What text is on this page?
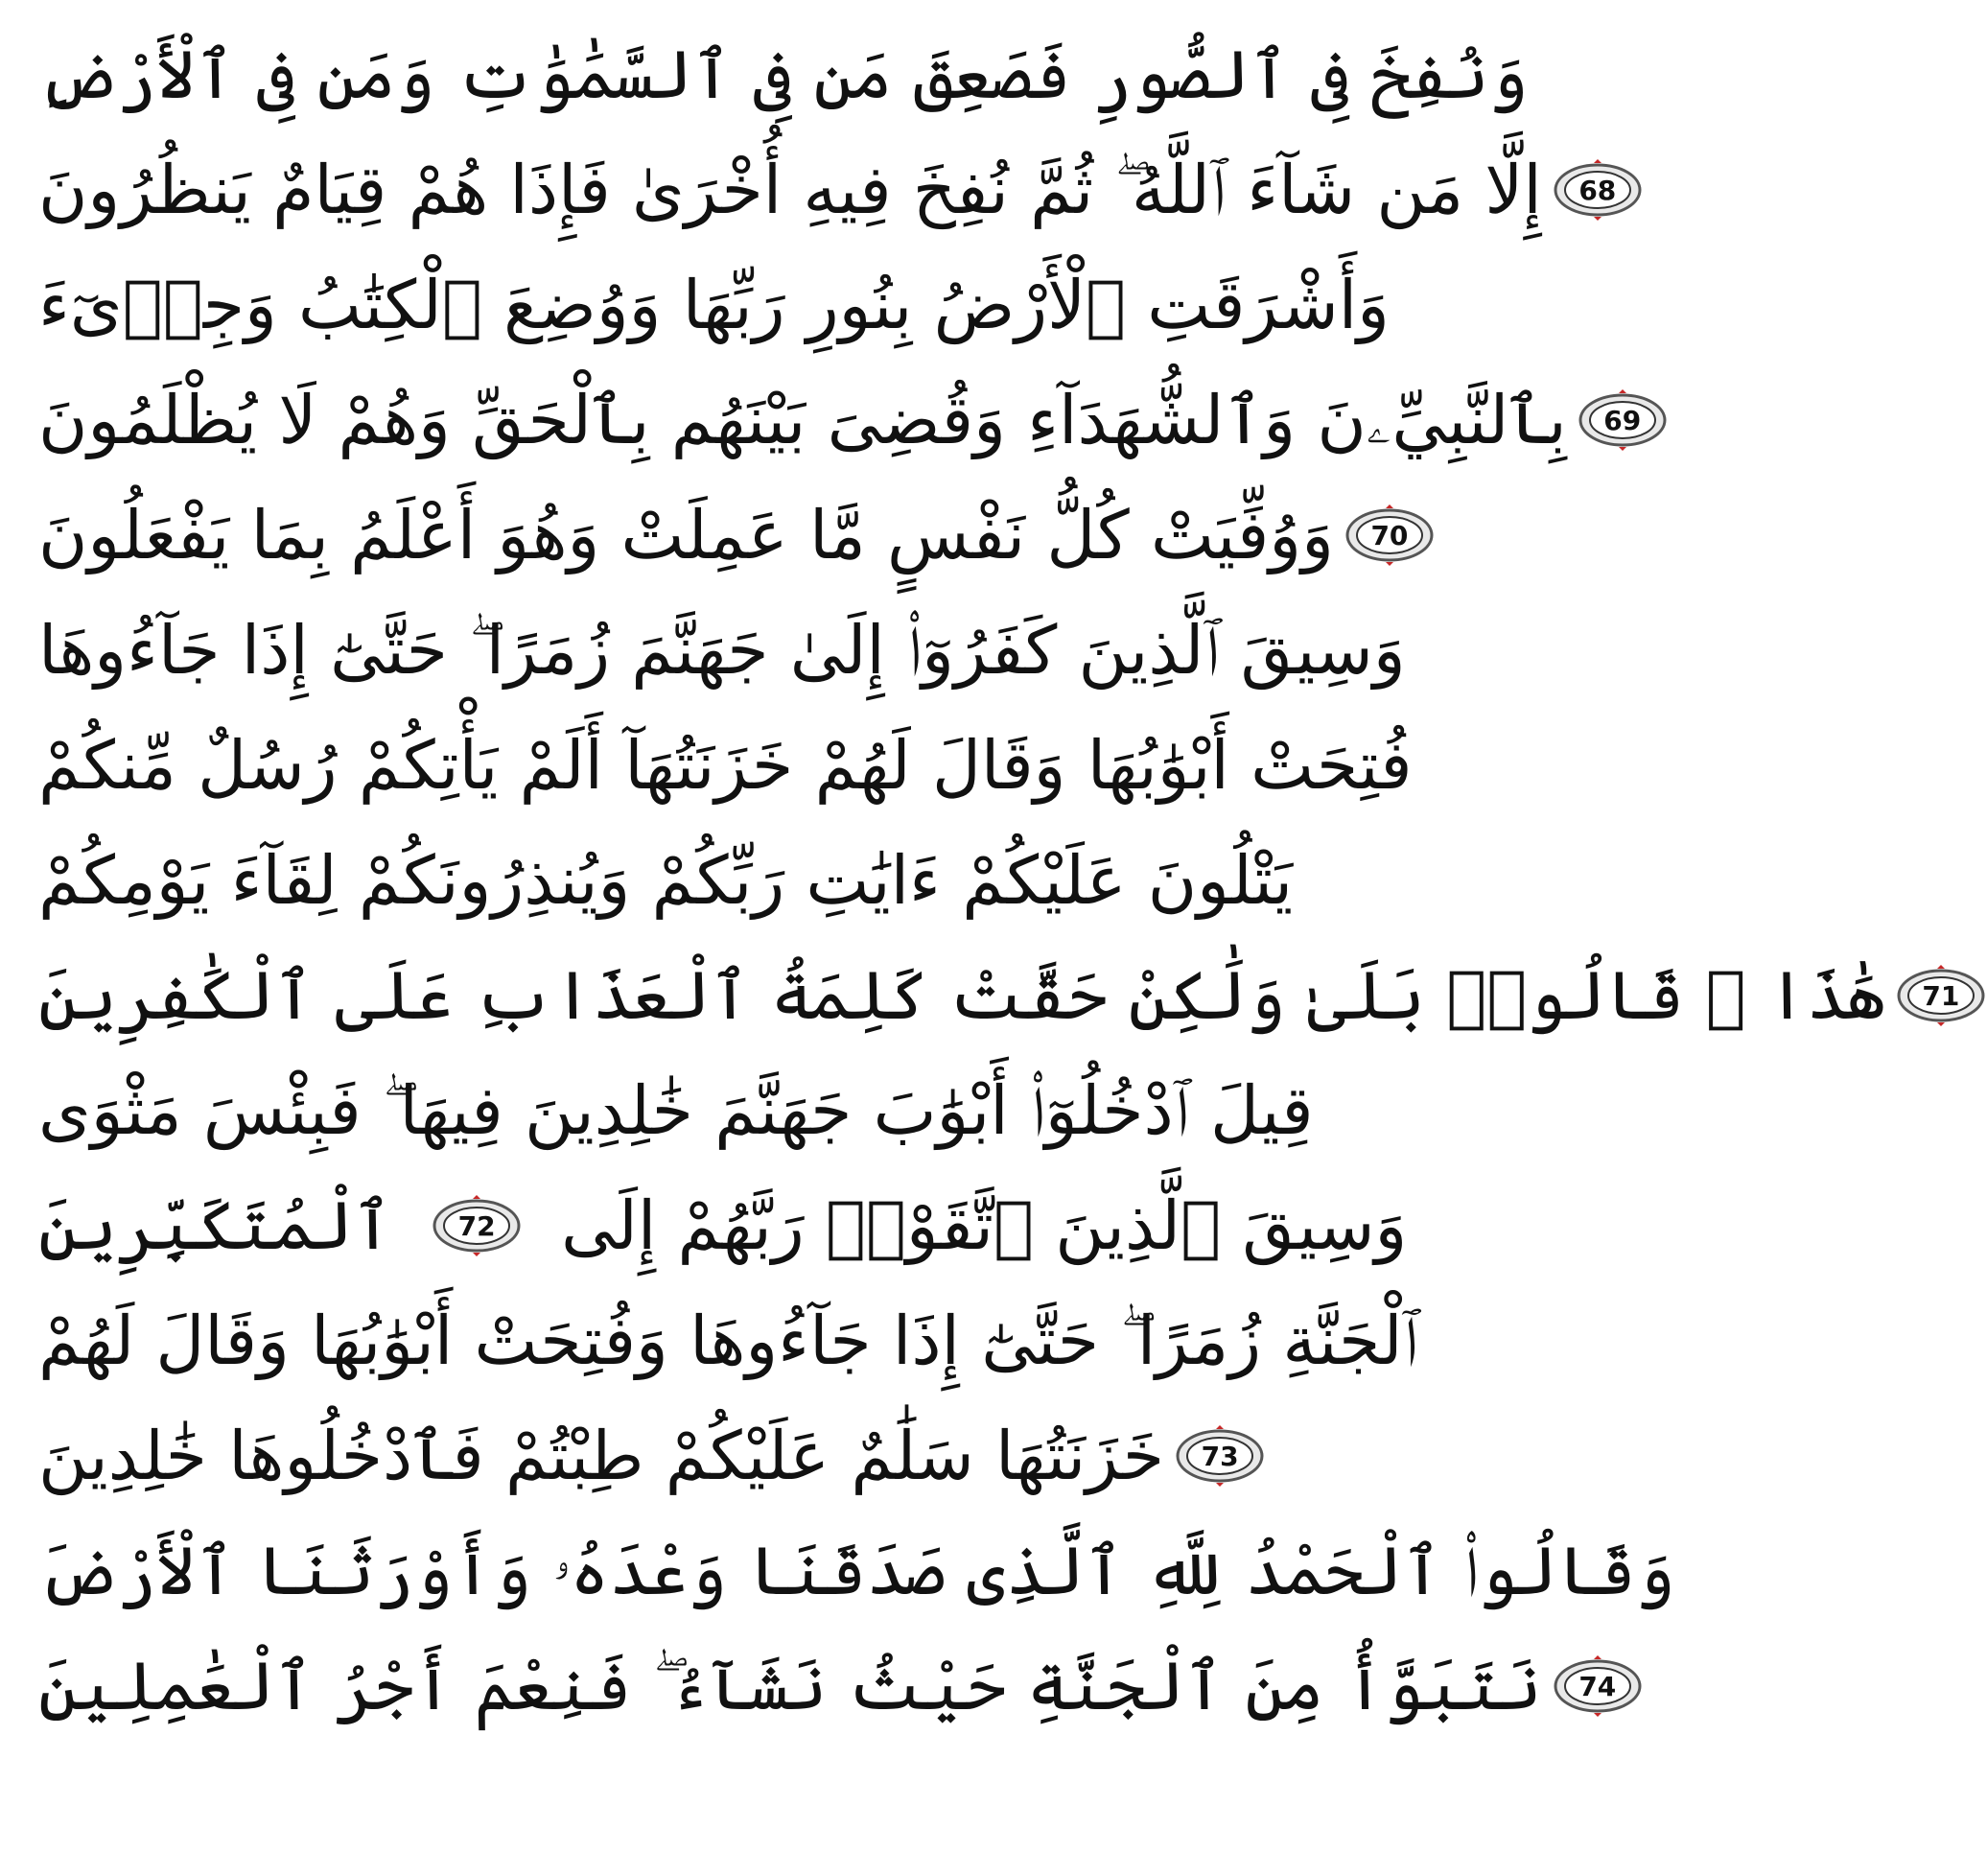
وَنُفِخَ فِى ٱلصُّورِ فَصَعِقَ مَن فِى ٱلسَّمَٰوَٰتِ وَمَن فِى ٱلْأَرْضِ
إِلَّا مَن شَآءَ ٱللَّهُ ۖ ثُمَّ نُفِخَ فِيهِ أُخْرَىٰ فَإِذَا هُمْ قِيَامٌ يَنظُرُونَ 68
وَأَشْرَقَتِ ٱلْأَرْضُ بِنُورِ رَبِّهَا وَوُضِعَ ٱلْكِتَٰبُ وَجِا۟ىٓءَ
بِٱلنَّبِيِّۦنَ وَٱلشُّهَدَآءِ وَقُضِىَ بَيْنَهُم بِٱلْحَقِّ وَهُمْ لَا يُظْلَمُونَ 69
وَوُفِّيَتْ كُلُّ نَفْسٍ مَّا عَمِلَتْ وَهُوَ أَعْلَمُ بِمَا يَفْعَلُونَ 70
وَسِيقَ ٱلَّذِينَ كَفَرُوٓا۟ إِلَىٰ جَهَنَّمَ زُمَرًا ۖ حَتَّىٰٓ إِذَا جَآءُوهَا
فُتِحَتْ أَبْوَٰبُهَا وَقَالَ لَهُمْ خَزَنَتُهَآ أَلَمْ يَأْتِكُمْ رُسُلٌ مِّنكُمْ
يَتْلُونَ عَلَيْكُمْ ءَايَٰتِ رَبِّكُمْ وَيُنذِرُونَكُمْ لِقَآءَ يَوْمِكُمْ
هَٰذَا ۚ قَالُوا۟ بَلَىٰ وَلَٰكِنْ حَقَّتْ كَلِمَةُ ٱلْعَذَابِ عَلَى ٱلْكَٰفِرِينَ 71
قِيلَ ٱدْخُلُوٓا۟ أَبْوَٰبَ جَهَنَّمَ خَٰلِدِينَ فِيهَا ۖ فَبِئْسَ مَثْوَى
ٱلْمُتَكَبِّرِينَ 72 وَسِيقَ ٱلَّذِينَ ٱتَّقَوْا۟ رَبَّهُمْ إِلَى
ٱلْجَنَّةِ زُمَرًا ۖ حَتَّىٰٓ إِذَا جَآءُوهَا وَفُتِحَتْ أَبْوَٰبُهَا وَقَالَ لَهُمْ
خَزَنَتُهَا سَلَٰمٌ عَلَيْكُمْ طِبْتُمْ فَٱدْخُلُوهَا خَٰلِدِينَ 73
وَقَالُوا۟ ٱلْحَمْدُ لِلَّهِ ٱلَّذِى صَدَقَنَا وَعْدَهُۥ وَأَوْرَثَنَا ٱلْأَرْضَ
نَتَبَوَّأُ مِنَ ٱلْجَنَّةِ حَيْثُ نَشَآءُ ۖ فَنِعْمَ أَجْرُ ٱلْعَٰمِلِينَ 74
